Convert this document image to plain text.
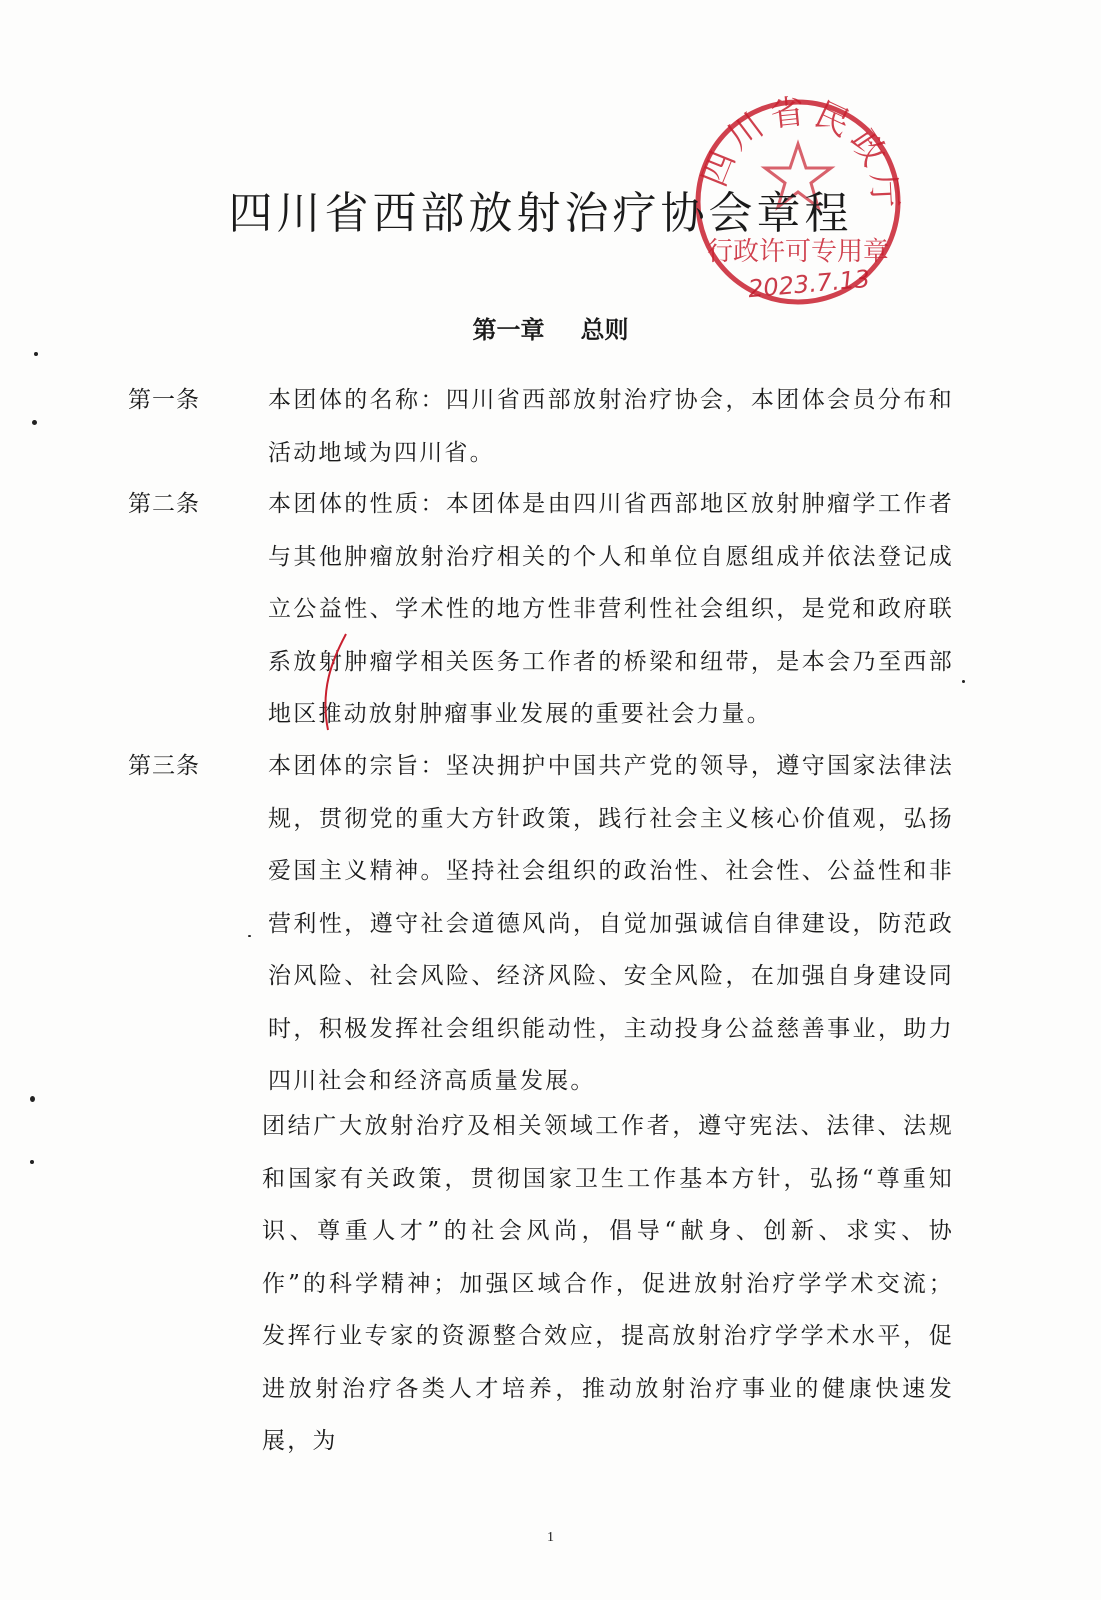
四川省民政厅
行政许可专用章
2023.7.13
四川省西部放射治疗协会章程
第一章 总则
第一条	本团体的名称：四川省西部放射治疗协会，本团体会员分布和活动地域为四川省。

第二条	本团体的性质：本团体是由四川省西部地区放射肿瘤学工作者与其他肿瘤放射治疗相关的个人和单位自愿组成并依法登记成立公益性、学术性的地方性非营利性社会组织，是党和政府联系放射肿瘤学相关医务工作者的桥梁和纽带，是本会乃至西部地区推动放射肿瘤事业发展的重要社会力量。

第三条	本团体的宗旨：坚决拥护中国共产党的领导，遵守国家法律法规，贯彻党的重大方针政策，践行社会主义核心价值观，弘扬爱国主义精神。坚持社会组织的政治性、社会性、公益性和非营利性，遵守社会道德风尚，自觉加强诚信自律建设，防范政治风险、社会风险、经济风险、安全风险，在加强自身建设同时，积极发挥社会组织能动性，主动投身公益慈善事业，助力四川社会和经济高质量发展。

团结广大放射治疗及相关领域工作者，遵守宪法、法律、法规和国家有关政策，贯彻国家卫生工作基本方针，弘扬“尊重知识、尊重人才”的社会风尚，倡导“献身、创新、求实、协作”的科学精神；加强区域合作，促进放射治疗学学术交流；发挥行业专家的资源整合效应，提高放射治疗学学术水平，促进放射治疗各类人才培养，推动放射治疗事业的健康快速发展，为

1
